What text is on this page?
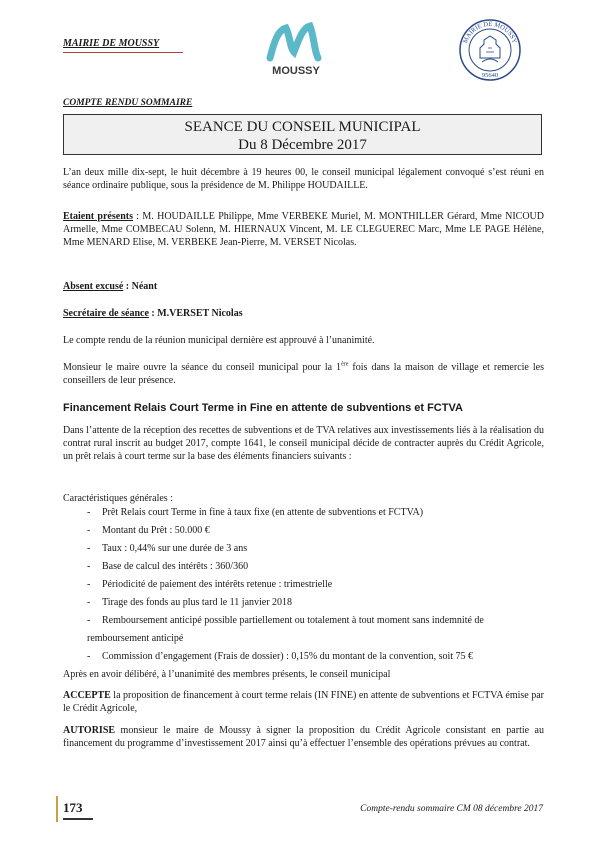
MAIRIE DE MOUSSY
MOUSSY
MAIRIE DE MOUSSY
95640
COMPTE RENDU SOMMAIRE
SEANCE DU CONSEIL MUNICIPAL
Du 8 Décembre 2017

L’an deux mille dix-sept, le huit décembre à 19 heures 00, le conseil municipal légalement convoqué s’est réuni en séance ordinaire publique, sous la présidence de M. Philippe HOUDAILLE.

Etaient présents : M. HOUDAILLE Philippe, Mme VERBEKE Muriel, M. MONTHILLER Gérard, Mme NICOUD Armelle, Mme COMBECAU Solenn, M. HIERNAUX Vincent, M. LE CLEGUEREC Marc, Mme LE PAGE Hélène, Mme MENARD Elise, M. VERBEKE Jean-Pierre, M. VERSET Nicolas.

Absent excusé : Néant

Secrétaire de séance : M.VERSET Nicolas

Le compte rendu de la réunion municipal dernière est approuvé à l’unanimité.

Monsieur le maire ouvre la séance du conseil municipal pour la 1ère fois dans la maison de village et remercie les conseillers de leur présence.

Financement Relais Court Terme in Fine en attente de subventions et FCTVA

Dans l’attente de la réception des recettes de subventions et de TVA relatives aux investissements liés à la réalisation du contrat rural inscrit au budget 2017, compte 1641, le conseil municipal décide de contracter auprès du Crédit Agricole, un prêt relais à court terme sur la base des éléments financiers suivants :

Caractéristiques générales :

- Prêt Relais court Terme in fine à taux fixe (en attente de subventions et FCTVA)
- Montant du Prêt : 50.000 €
- Taux : 0,44% sur une durée de 3 ans
- Base de calcul des intérêts : 360/360
- Périodicité de paiement des intérêts retenue : trimestrielle
- Tirage des fonds au plus tard le 11 janvier 2018
- Remboursement anticipé possible partiellement ou totalement à tout moment sans indemnité de
remboursement anticipé
- Commission d’engagement (Frais de dossier) : 0,15% du montant de la convention, soit 75 €

Après en avoir délibéré, à l’unanimité des membres présents, le conseil municipal

ACCEPTE la proposition de financement à court terme relais (IN FINE) en attente de subventions et FCTVA émise par le Crédit Agricole,

AUTORISE monsieur le maire de Moussy à signer la proposition du Crédit Agricole consistant en partie au financement du programme d’investissement 2017 ainsi qu’à effectuer l’ensemble des opérations prévues au contrat.

173	Compte-rendu sommaire CM 08 décembre 2017
